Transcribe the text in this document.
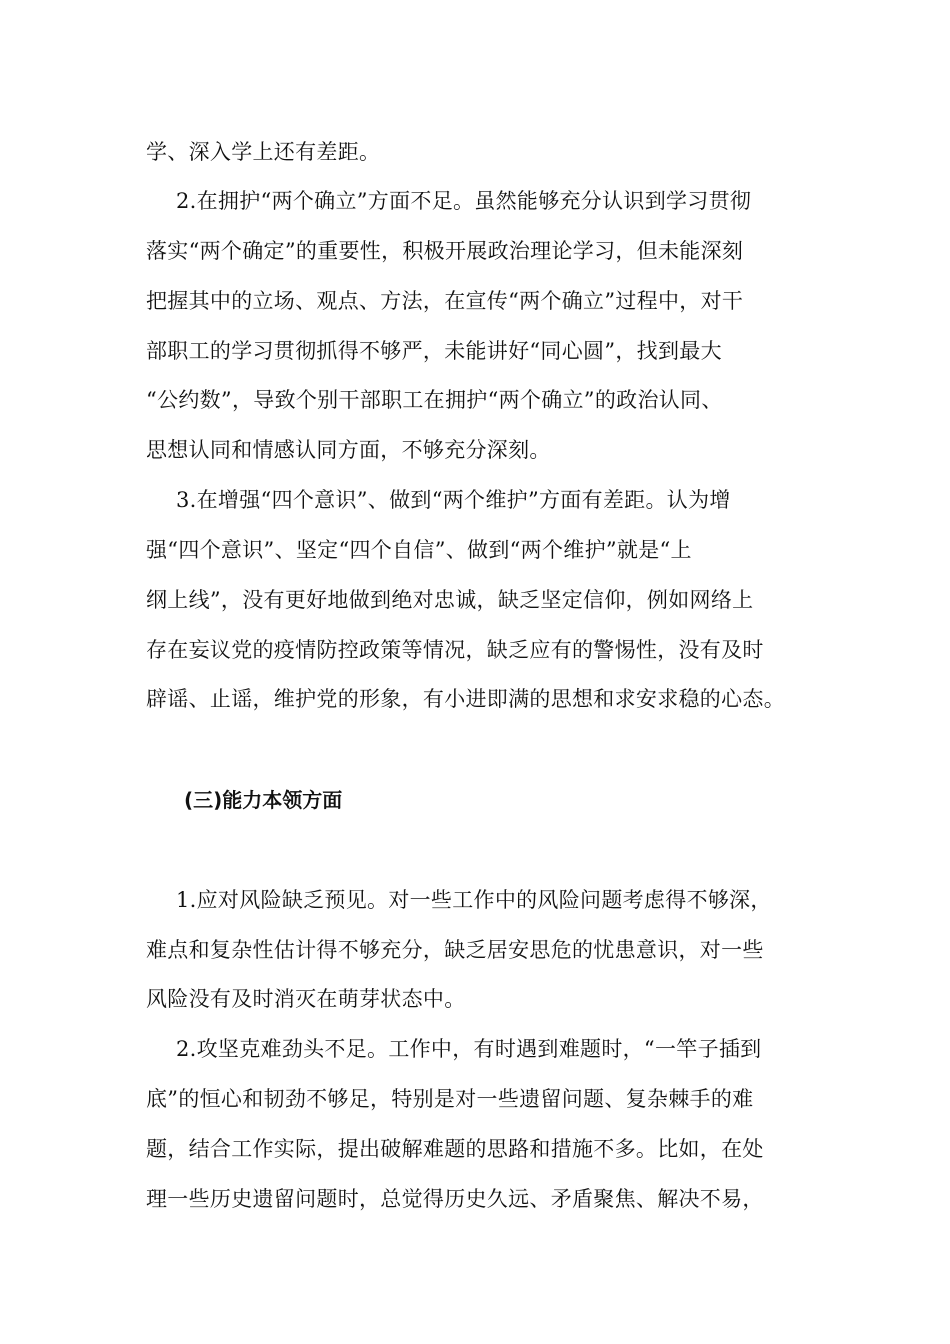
学、深入学上还有差距。
2.在拥护“两个确立”方面不足。虽然能够充分认识到学习贯彻
落实“两个确定”的重要性，积极开展政治理论学习，但未能深刻
把握其中的立场、观点、方法，在宣传“两个确立”过程中，对干
部职工的学习贯彻抓得不够严，未能讲好“同心圆”，找到最大
“公约数”，导致个别干部职工在拥护“两个确立”的政治认同、
思想认同和情感认同方面，不够充分深刻。
3.在增强“四个意识”、做到“两个维护”方面有差距。认为增
强“四个意识”、坚定“四个自信”、做到“两个维护”就是“上
纲上线”，没有更好地做到绝对忠诚，缺乏坚定信仰，例如网络上
存在妄议党的疫情防控政策等情况，缺乏应有的警惕性，没有及时
辟谣、止谣，维护党的形象，有小进即满的思想和求安求稳的心态。
(三)能力本领方面
1.应对风险缺乏预见。对一些工作中的风险问题考虑得不够深，
难点和复杂性估计得不够充分，缺乏居安思危的忧患意识，对一些
风险没有及时消灭在萌芽状态中。
2.攻坚克难劲头不足。工作中，有时遇到难题时，“一竿子插到
底”的恒心和韧劲不够足，特别是对一些遗留问题、复杂棘手的难
题，结合工作实际，提出破解难题的思路和措施不多。比如，在处
理一些历史遗留问题时，总觉得历史久远、矛盾聚焦、解决不易，
